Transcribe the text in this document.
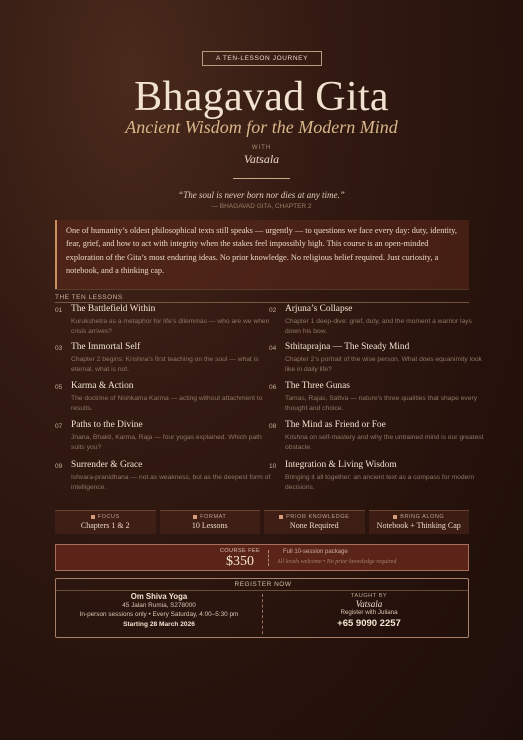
A TEN-LESSON JOURNEY
Bhagavad Gita
Ancient Wisdom for the Modern Mind
WITH
Vatsala
“The soul is never born nor dies at any time.”
— BHAGAVAD GITA, CHAPTER 2
One of humanity’s oldest philosophical texts still speaks — urgently — to questions we face every day: duty, identity, fear, grief, and how to act with integrity when the stakes feel impossibly high. This course is an open-minded exploration of the Gita’s most enduring ideas. No prior knowledge. No religious belief required. Just curiosity, a notebook, and a thinking cap.
THE TEN LESSONS
01 The Battlefield Within
Kurukshetra as a metaphor for life’s dilemmas — who are we when crisis arrives?
02 Arjuna’s Collapse
Chapter 1 deep-dive: grief, duty, and the moment a warrior lays down his bow.
03 The Immortal Self
Chapter 2 begins: Krishna’s first teaching on the soul — what is eternal, what is not.
04 Sthitaprajna — The Steady Mind
Chapter 2’s portrait of the wise person. What does equanimity look like in daily life?
05 Karma & Action
The doctrine of Nishkama Karma — acting without attachment to results.
06 The Three Gunas
Tamas, Rajas, Sattva — nature’s three qualities that shape every thought and choice.
07 Paths to the Divine
Jnana, Bhakti, Karma, Raja — four yogas explained. Which path suits you?
08 The Mind as Friend or Foe
Krishna on self-mastery and why the untrained mind is our greatest obstacle.
09 Surrender & Grace
Ishvara-pranidhana — not as weakness, but as the deepest form of intelligence.
10 Integration & Living Wisdom
Bringing it all together: an ancient text as a compass for modern decisions.
FOCUS
Chapters 1 & 2
FORMAT
10 Lessons
PRIOR KNOWLEDGE
None Required
BRING ALONG
Notebook + Thinking Cap
COURSE FEE
$350
Full 10-session package
All levels welcome • No prior knowledge required
REGISTER NOW
Om Shiva Yoga
45 Jalan Rumia, S278000
In-person sessions only • Every Saturday, 4:00–5:30 pm
Starting 28 March 2026
TAUGHT BY
Vatsala
Register with Juliana
+65 9090 2257
